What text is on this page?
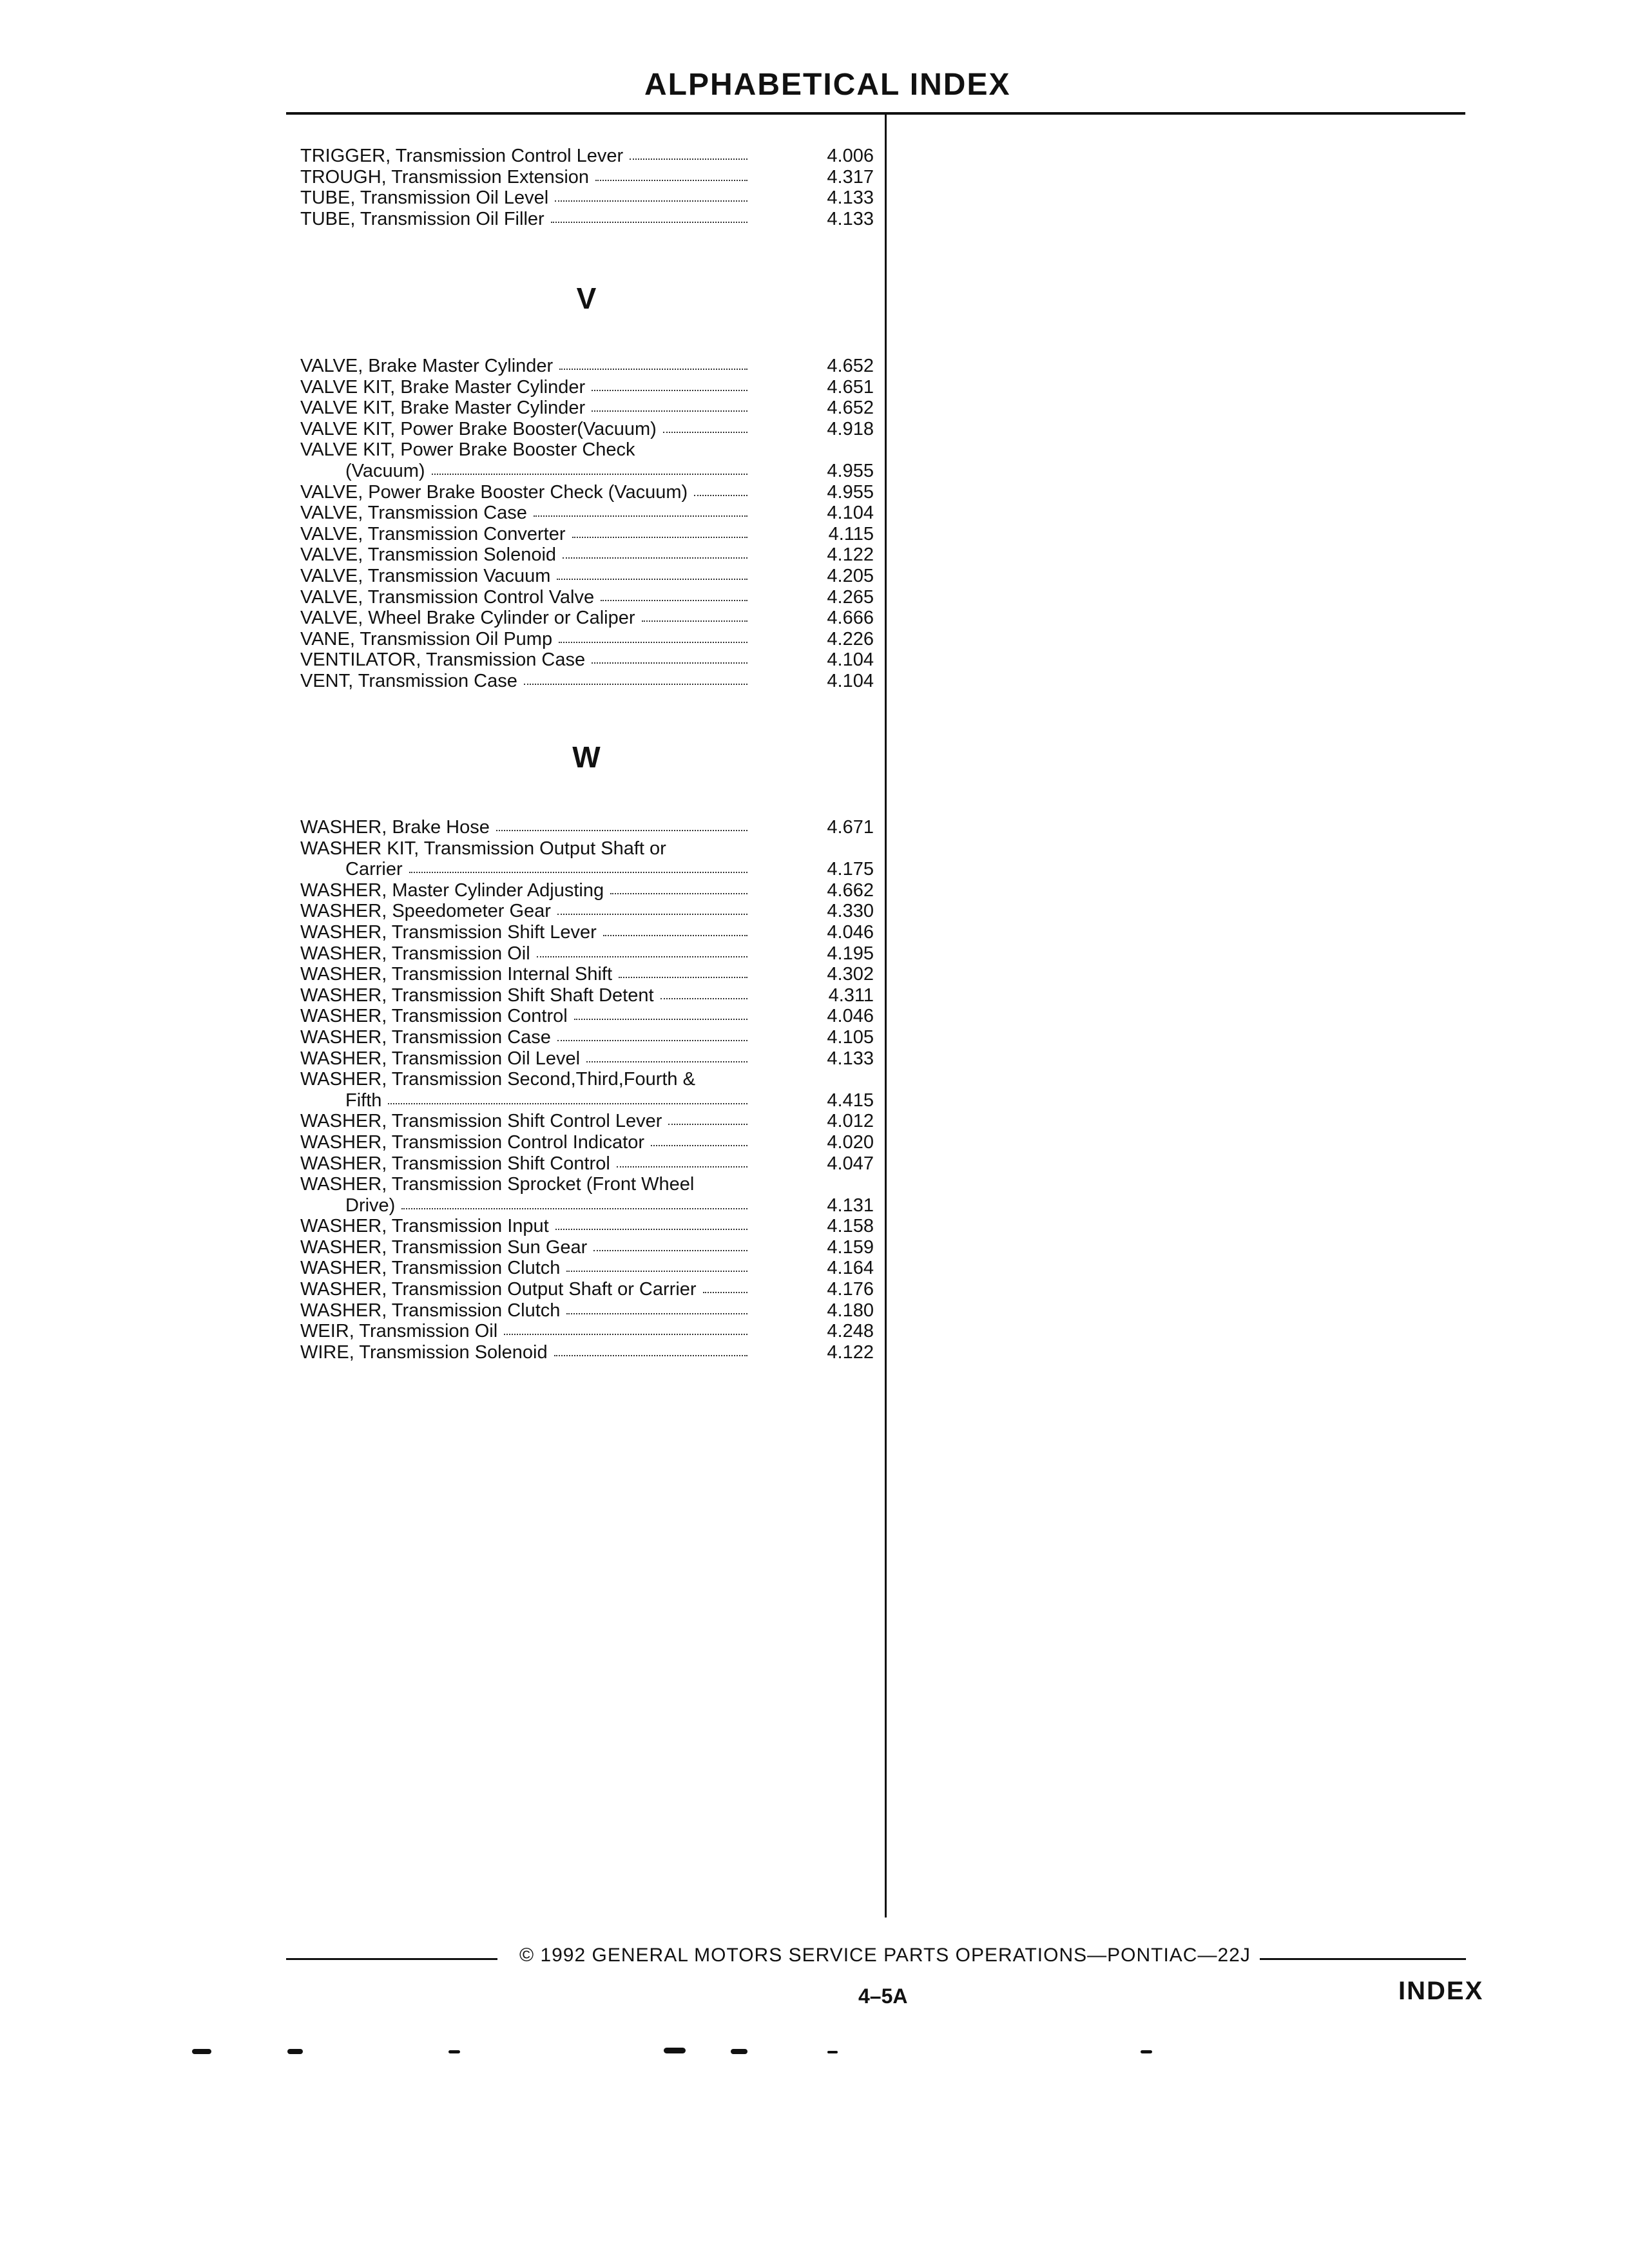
ALPHABETICAL INDEX
TRIGGER, Transmission Control Lever	4.006
TROUGH, Transmission Extension	4.317
TUBE, Transmission Oil Level	4.133
TUBE, Transmission Oil Filler	4.133
V
VALVE, Brake Master Cylinder	4.652
VALVE KIT, Brake Master Cylinder	4.651
VALVE KIT, Brake Master Cylinder	4.652
VALVE KIT, Power Brake Booster(Vacuum)	4.918
VALVE KIT, Power Brake Booster Check
(Vacuum)	4.955
VALVE, Power Brake Booster Check (Vacuum)	4.955
VALVE, Transmission Case	4.104
VALVE, Transmission Converter	4.115
VALVE, Transmission Solenoid	4.122
VALVE, Transmission Vacuum	4.205
VALVE, Transmission Control Valve	4.265
VALVE, Wheel Brake Cylinder or Caliper	4.666
VANE, Transmission Oil Pump	4.226
VENTILATOR, Transmission Case	4.104
VENT, Transmission Case	4.104
W
WASHER, Brake Hose	4.671
WASHER KIT, Transmission Output Shaft or
Carrier	4.175
WASHER, Master Cylinder Adjusting	4.662
WASHER, Speedometer Gear	4.330
WASHER, Transmission Shift Lever	4.046
WASHER, Transmission Oil	4.195
WASHER, Transmission Internal Shift	4.302
WASHER, Transmission Shift Shaft Detent	4.311
WASHER, Transmission Control	4.046
WASHER, Transmission Case	4.105
WASHER, Transmission Oil Level	4.133
WASHER, Transmission Second,Third,Fourth &
Fifth	4.415
WASHER, Transmission Shift Control Lever	4.012
WASHER, Transmission Control Indicator	4.020
WASHER, Transmission Shift Control	4.047
WASHER, Transmission Sprocket (Front Wheel
Drive)	4.131
WASHER, Transmission Input	4.158
WASHER, Transmission Sun Gear	4.159
WASHER, Transmission Clutch	4.164
WASHER, Transmission Output Shaft or Carrier	4.176
WASHER, Transmission Clutch	4.180
WEIR, Transmission Oil	4.248
WIRE, Transmission Solenoid	4.122
© 1992 GENERAL MOTORS SERVICE PARTS OPERATIONS—PONTIAC—22J
4–5A	INDEX
